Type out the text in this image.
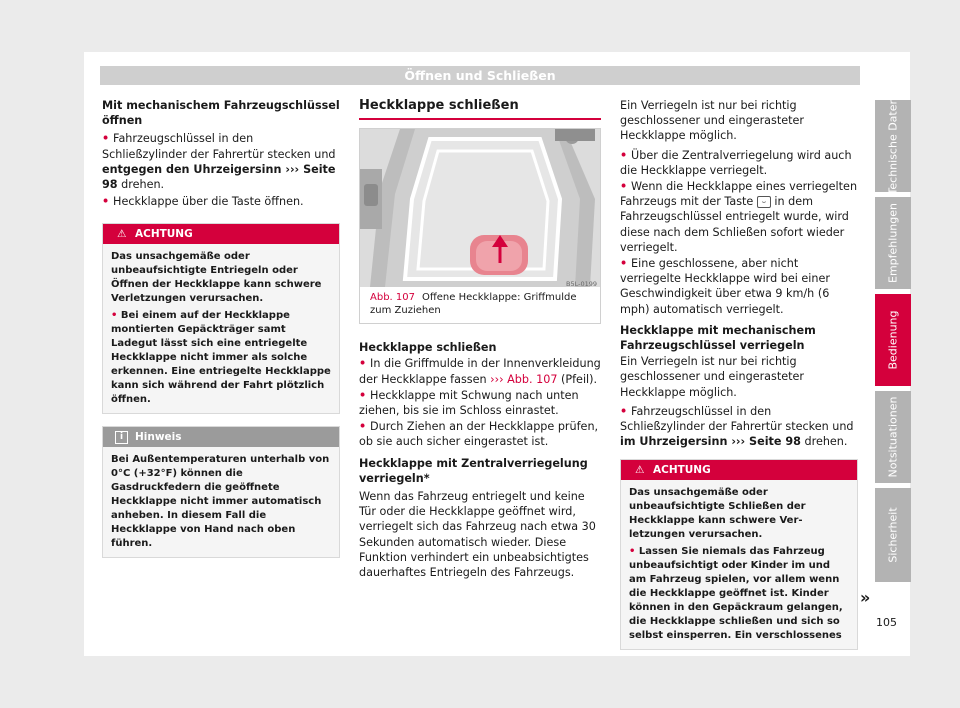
Öffnen und Schließen

Mit mechanischem Fahrzeugschlüssel öffnen

• Fahrzeugschlüssel in den Schließzylinder der Fahrertür stecken und entgegen den Uhrzeigersinn ››› Seite 98 drehen.

• Heckklappe über die Taste öffnen.

⚠ ACHTUNG

Das unsachgemäße oder unbeaufsichtigte Entriegeln oder Öffnen der Heckklappe kann schwere Verletzungen verursachen.

• Bei einem auf der Heckklappe montierten Gepäckträger samt Ladegut lässt sich eine entriegelte Heckklappe nicht immer als solche erkennen. Eine entriegelte Heckklappe kann sich während der Fahrt plötzlich öffnen.

i Hinweis
Bei Außentemperaturen unterhalb von 0°C (+32°F) können die Gasdruckfedern die geöffnete Heckklappe nicht immer automatisch anheben. In diesem Fall die Heckklappe von Hand nach oben führen.
Heckklappe schließen
B5L-0199
Abb. 107 Offene Heckklappe: Griffmulde zum Zuziehen

Heckklappe schließen

• In die Griffmulde in der Innenverkleidung der Heckklappe fassen ››› Abb. 107 (Pfeil).

• Heckklappe mit Schwung nach unten ziehen, bis sie im Schloss einrastet.

• Durch Ziehen an der Heckklappe prüfen, ob sie auch sicher eingerastet ist.

Heckklappe mit Zentralverriegelung verriegeln*

Wenn das Fahrzeug entriegelt und keine Tür oder die Heckklappe geöffnet wird, verriegelt sich das Fahrzeug nach etwa 30 Sekunden automatisch wieder. Diese Funktion verhindert ein unbeabsichtigtes dauerhaftes Entriegeln des Fahrzeugs.

Ein Verriegeln ist nur bei richtig geschlossener und eingerasteter Heckklappe möglich.

• Über die Zentralverriegelung wird auch die Heckklappe verriegelt.

• Wenn die Heckklappe eines verriegelten Fahrzeugs mit der Taste ⌣ in dem Fahrzeugschlüssel entriegelt wurde, wird diese nach dem Schließen sofort wieder verriegelt.

• Eine geschlossene, aber nicht verriegelte Heckklappe wird bei einer Geschwindigkeit über etwa 9 km/h (6 mph) automatisch verriegelt.

Heckklappe mit mechanischem Fahrzeugschlüssel verriegeln

Ein Verriegeln ist nur bei richtig geschlossener und eingerasteter Heckklappe möglich.

• Fahrzeugschlüssel in den Schließzylinder der Fahrertür stecken und im Uhrzeigersinn ››› Seite 98 drehen.

⚠ ACHTUNG

Das unsachgemäße oder unbeaufsichtigte Schließen der Heckklappe kann schwere Verletzungen verursachen.

• Lassen Sie niemals das Fahrzeug unbeaufsichtigt oder Kinder im und am Fahrzeug spielen, vor allem wenn die Heckklappe geöffnet ist. Kinder können in den Gepäckraum gelangen, die Heckklappe schließen und sich so selbst einsperren. Ein verschlossenes

»
Technische Daten
Empfehlungen
Bedienung
Notsituationen
Sicherheit
105
